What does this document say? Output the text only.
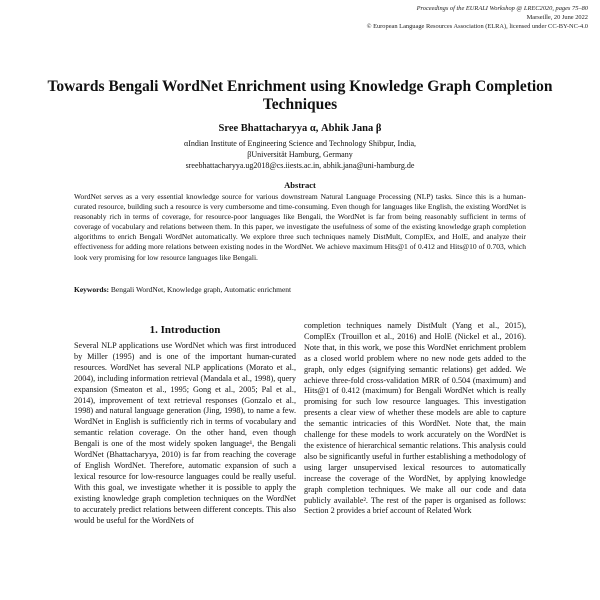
Proceedings of the EURALI Workshop @ LREC2020, pages 75–80
Marseille, 20 June 2022
© European Language Resources Association (ELRA), licensed under CC-BY-NC-4.0
Towards Bengali WordNet Enrichment using Knowledge Graph Completion Techniques
Sree Bhattacharyya α, Abhik Jana β
αIndian Institute of Engineering Science and Technology Shibpur, India,
βUniversität Hamburg, Germany
sreebhattacharyya.ug2018@cs.iiests.ac.in, abhik.jana@uni-hamburg.de
Abstract
WordNet serves as a very essential knowledge source for various downstream Natural Language Processing (NLP) tasks. Since this is a human-curated resource, building such a resource is very cumbersome and time-consuming. Even though for languages like English, the existing WordNet is reasonably rich in terms of coverage, for resource-poor languages like Bengali, the WordNet is far from being reasonably sufficient in terms of coverage of vocabulary and relations between them. In this paper, we investigate the usefulness of some of the existing knowledge graph completion algorithms to enrich Bengali WordNet automatically. We explore three such techniques namely DistMult, ComplEx, and HolE, and analyze their effectiveness for adding more relations between existing nodes in the WordNet. We achieve maximum Hits@1 of 0.412 and Hits@10 of 0.703, which look very promising for low resource languages like Bengali.
Keywords: Bengali WordNet, Knowledge graph, Automatic enrichment
1. Introduction
Several NLP applications use WordNet which was first introduced by Miller (1995) and is one of the important human-curated resources. WordNet has several NLP applications (Morato et al., 2004), including information retrieval (Mandala et al., 1998), query expansion (Smeaton et al., 1995; Gong et al., 2005; Pal et al., 2014), improvement of text retrieval responses (Gonzalo et al., 1998) and natural language generation (Jing, 1998), to name a few. WordNet in English is sufficiently rich in terms of vocabulary and semantic relation coverage. On the other hand, even though Bengali is one of the most widely spoken language¹, the Bengali WordNet (Bhattacharyya, 2010) is far from reaching the coverage of English WordNet. Therefore, automatic expansion of such a lexical resource for low-resource languages could be really useful. With this goal, we investigate whether it is possible to apply the existing knowledge graph completion techniques on the WordNet to accurately predict relations between different concepts. This also would be useful for the WordNets of
completion techniques namely DistMult (Yang et al., 2015), ComplEx (Trouillon et al., 2016) and HolE (Nickel et al., 2016). Note that, in this work, we pose this WordNet enrichment problem as a closed world problem where no new node gets added to the graph, only edges (signifying semantic relations) get added. We achieve three-fold cross-validation MRR of 0.504 (maximum) and Hits@1 of 0.412 (maximum) for Bengali WordNet which is really promising for such low resource languages. This investigation presents a clear view of whether these models are able to capture the semantic intricacies of this WordNet. Note that, the main challenge for these models to work accurately on the WordNet is the existence of hierarchical semantic relations. This analysis could also be significantly useful in further establishing a methodology of using larger unsupervised lexical resources to automatically increase the coverage of the WordNet, by applying knowledge graph completion techniques. We make all our code and data publicly available². The rest of the paper is organised as follows: Section 2 provides a brief account of Related Work
